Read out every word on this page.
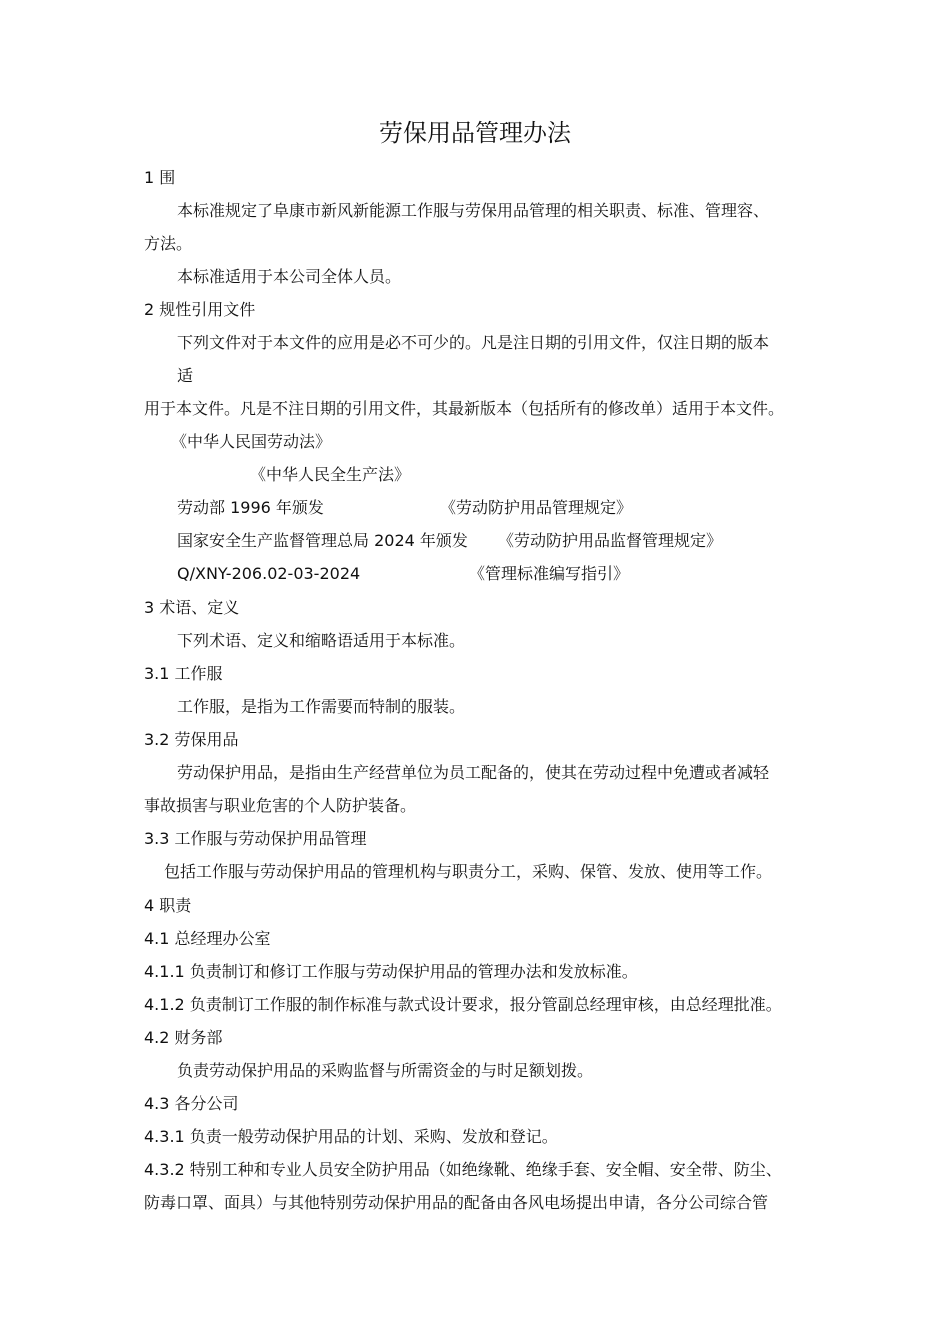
劳保用品管理办法
1 围
本标准规定了阜康市新风新能源工作服与劳保用品管理的相关职责、标准、管理容、
方法。
本标准适用于本公司全体人员。
2 规性引用文件
下列文件对于本文件的应用是必不可少的。凡是注日期的引用文件，仅注日期的版本
适
用于本文件。凡是不注日期的引用文件，其最新版本（包括所有的修改单）适用于本文件。
《中华人民国劳动法》
《中华人民全生产法》
劳动部 1996 年颁发	《劳动防护用品管理规定》
国家安全生产监督管理总局 2024 年颁发 《劳动防护用品监督管理规定》
Q/XNY-206.02-03-2024	《管理标准编写指引》
3 术语、定义
下列术语、定义和缩略语适用于本标准。
3.1 工作服
工作服，是指为工作需要而特制的服装。
3.2 劳保用品
劳动保护用品，是指由生产经营单位为员工配备的，使其在劳动过程中免遭或者减轻
事故损害与职业危害的个人防护装备。
3.3 工作服与劳动保护用品管理
包括工作服与劳动保护用品的管理机构与职责分工，采购、保管、发放、使用等工作。
4 职责
4.1 总经理办公室
4.1.1 负责制订和修订工作服与劳动保护用品的管理办法和发放标准。
4.1.2 负责制订工作服的制作标准与款式设计要求，报分管副总经理审核，由总经理批准。
4.2 财务部
负责劳动保护用品的采购监督与所需资金的与时足额划拨。
4.3 各分公司
4.3.1 负责一般劳动保护用品的计划、采购、发放和登记。
4.3.2 特别工种和专业人员安全防护用品（如绝缘靴、绝缘手套、安全帽、安全带、防尘、
防毒口罩、面具）与其他特别劳动保护用品的配备由各风电场提出申请，各分公司综合管
